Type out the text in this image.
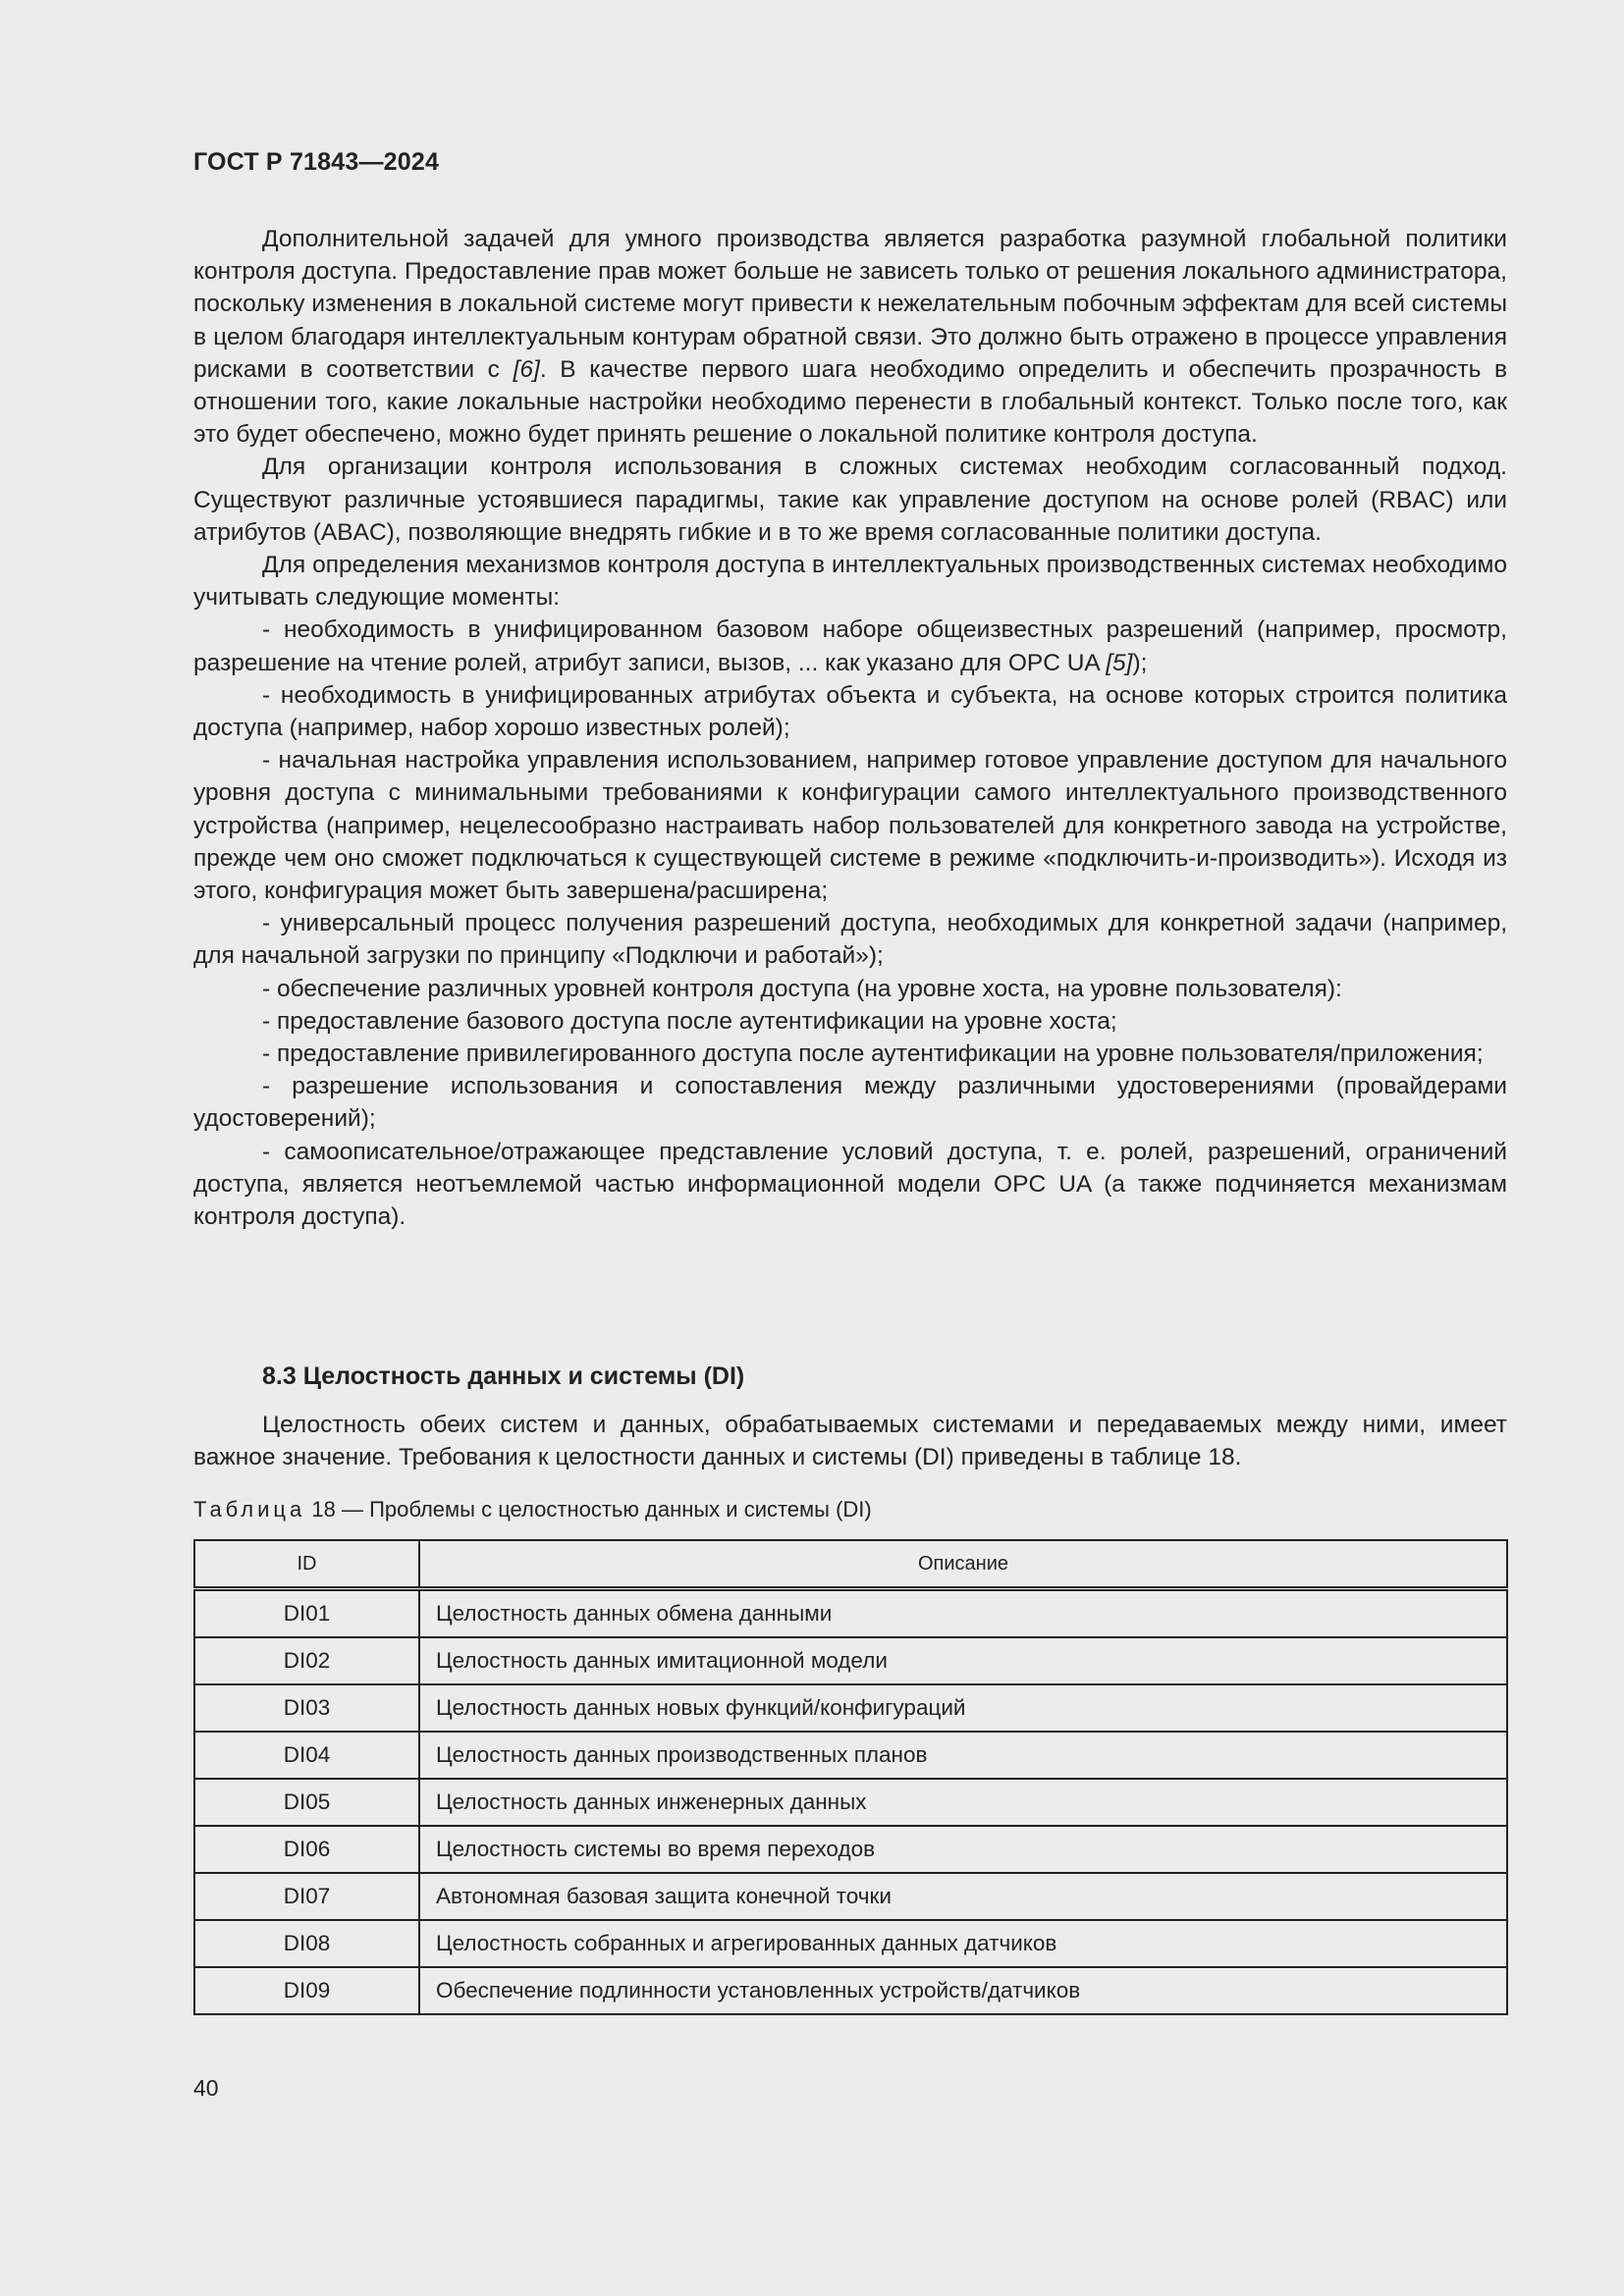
ГОСТ Р 71843—2024

Дополнительной задачей для умного производства является разработка разумной глобальной политики контроля доступа. Предоставление прав может больше не зависеть только от решения локального администратора, поскольку изменения в локальной системе могут привести к нежелательным побочным эффектам для всей системы в целом благодаря интеллектуальным контурам обратной связи. Это должно быть отражено в процессе управления рисками в соответствии с [6]. В качестве первого шага необходимо определить и обеспечить прозрачность в отношении того, какие локальные настройки необходимо перенести в глобальный контекст. Только после того, как это будет обеспечено, можно будет принять решение о локальной политике контроля доступа.

Для организации контроля использования в сложных системах необходим согласованный подход. Существуют различные устоявшиеся парадигмы, такие как управление доступом на основе ролей (RBAC) или атрибутов (ABAC), позволяющие внедрять гибкие и в то же время согласованные политики доступа.

Для определения механизмов контроля доступа в интеллектуальных производственных системах необходимо учитывать следующие моменты:

- необходимость в унифицированном базовом наборе общеизвестных разрешений (например, просмотр, разрешение на чтение ролей, атрибут записи, вызов, ... как указано для OPC UA [5]);

- необходимость в унифицированных атрибутах объекта и субъекта, на основе которых строится политика доступа (например, набор хорошо известных ролей);

- начальная настройка управления использованием, например готовое управление доступом для начального уровня доступа с минимальными требованиями к конфигурации самого интеллектуального производственного устройства (например, нецелесообразно настраивать набор пользователей для конкретного завода на устройстве, прежде чем оно сможет подключаться к существующей системе в режиме «подключить-и-производить»). Исходя из этого, конфигурация может быть завершена/расширена;

- универсальный процесс получения разрешений доступа, необходимых для конкретной задачи (например, для начальной загрузки по принципу «Подключи и работай»);

- обеспечение различных уровней контроля доступа (на уровне хоста, на уровне пользователя):

- предоставление базового доступа после аутентификации на уровне хоста;

- предоставление привилегированного доступа после аутентификации на уровне пользователя/приложения;

- разрешение использования и сопоставления между различными удостоверениями (провайдерами удостоверений);

- самоописательное/отражающее представление условий доступа, т. е. ролей, разрешений, ограничений доступа, является неотъемлемой частью информационной модели OPC UA (а также подчиняется механизмам контроля доступа).

8.3 Целостность данных и системы (DI)

Целостность обеих систем и данных, обрабатываемых системами и передаваемых между ними, имеет важное значение. Требования к целостности данных и системы (DI) приведены в таблице 18.

Таблица 18 — Проблемы с целостностью данных и системы (DI)
ID	Описание
DI01	Целостность данных обмена данными
DI02	Целостность данных имитационной модели
DI03	Целостность данных новых функций/конфигураций
DI04	Целостность данных производственных планов
DI05	Целостность данных инженерных данных
DI06	Целостность системы во время переходов
DI07	Автономная базовая защита конечной точки
DI08	Целостность собранных и агрегированных данных датчиков
DI09	Обеспечение подлинности установленных устройств/датчиков
40
